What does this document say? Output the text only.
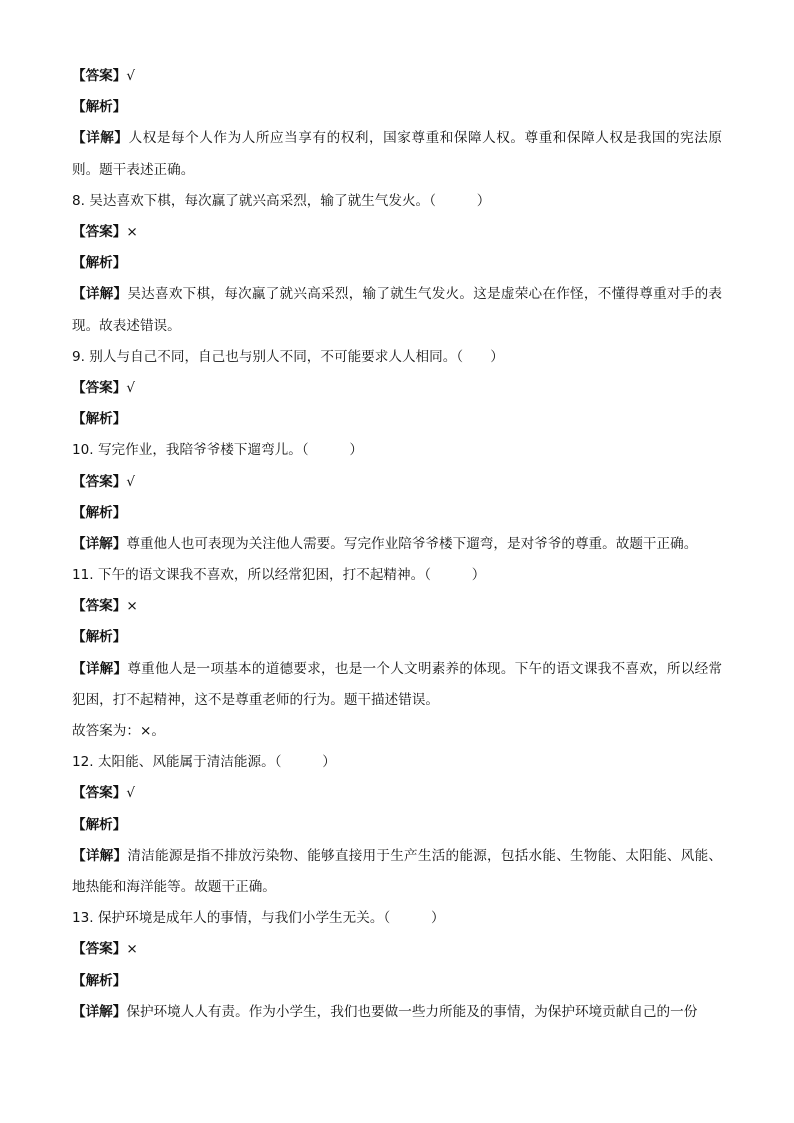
【答案】√
【解析】
【详解】人权是每个人作为人所应当享有的权利，国家尊重和保障人权。尊重和保障人权是我国的宪法原则。题干表述正确。
8. 吴达喜欢下棋，每次赢了就兴高采烈，输了就生气发火。（　　　）
【答案】×
【解析】
【详解】吴达喜欢下棋，每次赢了就兴高采烈，输了就生气发火。这是虚荣心在作怪，不懂得尊重对手的表现。故表述错误。
9. 别人与自己不同，自己也与别人不同，不可能要求人人相同。（　　）
【答案】√
【解析】
10. 写完作业，我陪爷爷楼下遛弯儿。（　　　）
【答案】√
【解析】
【详解】尊重他人也可表现为关注他人需要。写完作业陪爷爷楼下遛弯，是对爷爷的尊重。故题干正确。
11. 下午的语文课我不喜欢，所以经常犯困，打不起精神。（　　　）
【答案】×
【解析】
【详解】尊重他人是一项基本的道德要求，也是一个人文明素养的体现。下午的语文课我不喜欢，所以经常犯困，打不起精神，这不是尊重老师的行为。题干描述错误。
故答案为：×。
12. 太阳能、风能属于清洁能源。（　　　）
【答案】√
【解析】
【详解】清洁能源是指不排放污染物、能够直接用于生产生活的能源，包括水能、生物能、太阳能、风能、地热能和海洋能等。故题干正确。
13. 保护环境是成年人的事情，与我们小学生无关。（　　　）
【答案】×
【解析】
【详解】保护环境人人有责。作为小学生，我们也要做一些力所能及的事情，为保护环境贡献自己的一份
